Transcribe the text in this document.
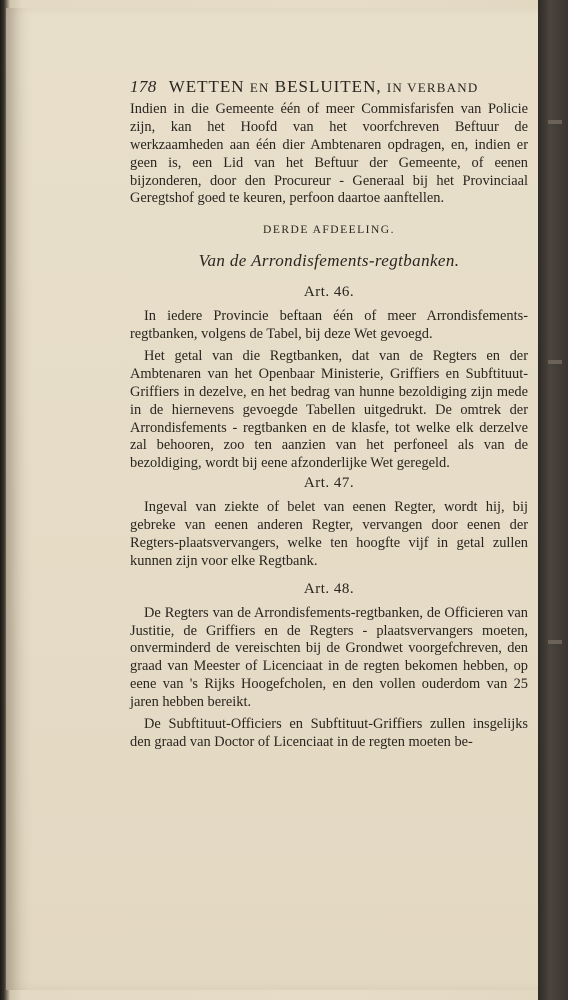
178 WETTEN EN BESLUITEN, IN VERBAND

Indien in die Gemeente één of meer Commisfarisfen van Policie zijn, kan het Hoofd van het voorfchreven Beftuur de werkzaamheden aan één dier Ambtenaren opdragen, en, indien er geen is, een Lid van het Beftuur der Gemeente, of eenen bijzonderen, door den Procureur - Generaal bij het Provinciaal Geregtshof goed te keuren, perfoon daartoe aanftellen.

DERDE AFDEELING.
Van de Arrondisfements-regtbanken.
Art. 46.

In iedere Provincie beftaan één of meer Arrondisfements-regtbanken, volgens de Tabel, bij deze Wet gevoegd.

Het getal van die Regtbanken, dat van de Regters en der Ambtenaren van het Openbaar Ministerie, Griffiers en Subftituut-Griffiers in dezelve, en het bedrag van hunne bezoldiging zijn mede in de hiernevens gevoegde Tabellen uitgedrukt. De omtrek der Arrondisfements - regtbanken en de klasfe, tot welke elk derzelve zal behooren, zoo ten aanzien van het perfoneel als van de bezoldiging, wordt bij eene afzonderlijke Wet geregeld.

Art. 47.

Ingeval van ziekte of belet van eenen Regter, wordt hij, bij gebreke van eenen anderen Regter, vervangen door eenen der Regters-plaatsvervangers, welke ten hoogfte vijf in getal zullen kunnen zijn voor elke Regtbank.

Art. 48.

De Regters van de Arrondisfements-regtbanken, de Officieren van Justitie, de Griffiers en de Regters - plaatsvervangers moeten, onverminderd de vereischten bij de Grondwet voorgefchreven, den graad van Meester of Licenciaat in de regten bekomen hebben, op eene van 's Rijks Hoogefcholen, en den vollen ouderdom van 25 jaren hebben bereikt.

De Subftituut-Officiers en Subftituut-Griffiers zullen insgelijks den graad van Doctor of Licenciaat in de regten moeten be-
